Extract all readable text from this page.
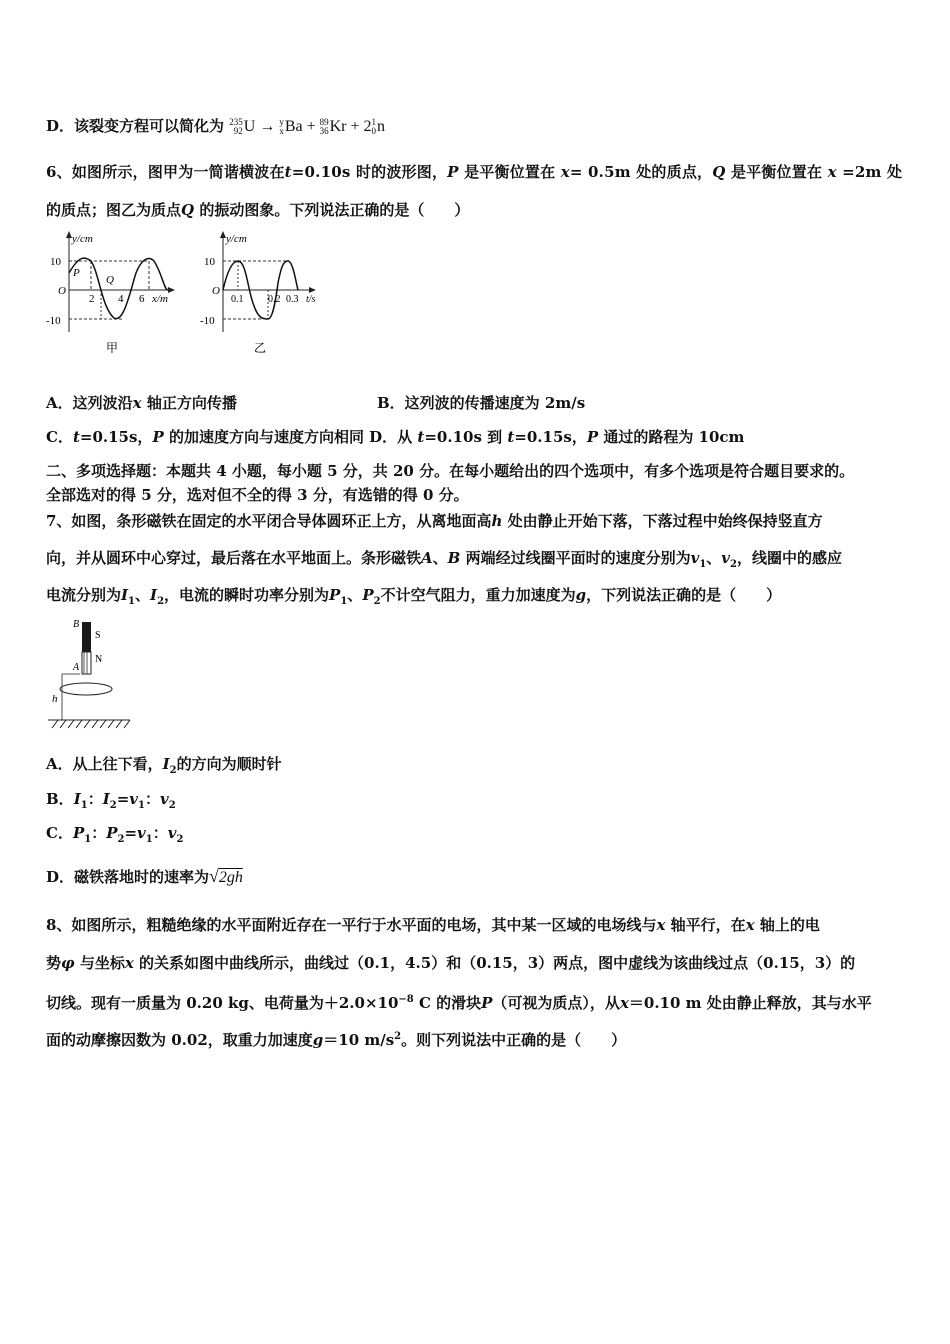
D．该裂变方程可以简化为 235
92U → y
xBa + 89
36Kr + 21
0n
6、如图所示，图甲为一简谐横波在t=0.10s 时的波形图，P 是平衡位置在 x= 0.5m 处的质点，Q 是平衡位置在 x =2m 处
的质点；图乙为质点Q 的振动图象。下列说法正确的是（　　）
y/cm
10
-10
O
2 4 6 x/m
P
Q
甲
y/cm
10
-10
O
0.1 0.2 0.3 t/s
乙
A．这列波沿x 轴正方向传播	B．这列波的传播速度为 2m/s
C．t=0.15s，P 的加速度方向与速度方向相同 D．从 t=0.10s 到 t=0.15s，P 通过的路程为 10cm
二、多项选择题：本题共 4 小题，每小题 5 分，共 20 分。在每小题给出的四个选项中，有多个选项是符合题目要求的。
全部选对的得 5 分，选对但不全的得 3 分，有选错的得 0 分。
7、如图，条形磁铁在固定的水平闭合导体圆环正上方，从离地面高h 处由静止开始下落，下落过程中始终保持竖直方
向，并从圆环中心穿过，最后落在水平地面上。条形磁铁A、B 两端经过线圈平面时的速度分别为$v_1$、$v_2$，线圈中的感应
电流分别为$I_1$、$I_2$，电流的瞬时功率分别为$P_1$、$P_2$不计空气阻力，重力加速度为g，下列说法正确的是（　　）
B
S
N
A
h
A．从上往下看，$I_2$的方向为顺时针
B．$I_1$：$I_2=v_1$：$v_2$
C．$P_1$：$P_2=v_1$：$v_2$
D．磁铁落地时的速率为√2gh
8、如图所示，粗糙绝缘的水平面附近存在一平行于水平面的电场，其中某一区域的电场线与x 轴平行，在x 轴上的电
势φ 与坐标x 的关系如图中曲线所示，曲线过（0.1，4.5）和（0.15，3）两点，图中虚线为该曲线过点（0.15，3）的
切线。现有一质量为 0.20 kg、电荷量为$+2.0\times 10^{-8}$ C 的滑块P（可视为质点），从x＝0.10 m 处由静止释放，其与水平
面的动摩擦因数为 0.02，取重力加速度g＝10 $m/s^2$。则下列说法中正确的是（　　）
